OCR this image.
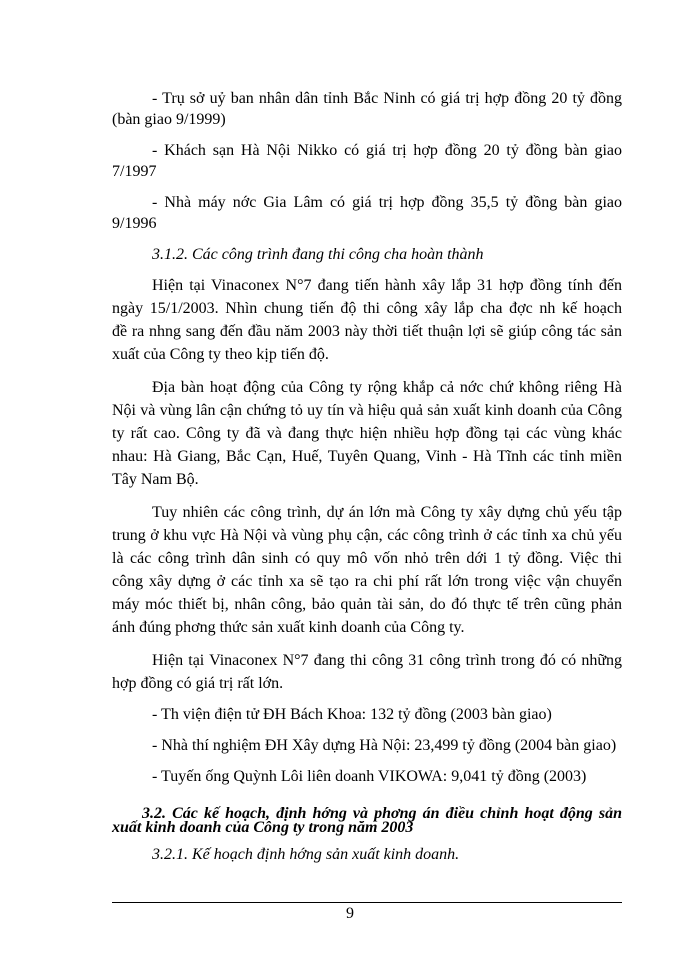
- Trụ sở uỷ ban nhân dân tỉnh Bắc Ninh có giá trị hợp đồng 20 tỷ đồng
(bàn giao 9/1999)
- Khách sạn Hà Nội Nikko có giá trị hợp đồng 20 tỷ đồng bàn giao
7/1997
- Nhà máy nớc Gia Lâm có giá trị hợp đồng 35,5 tỷ đồng bàn giao
9/1996
3.1.2. Các công trình đang thi công cha hoàn thành
Hiện tại Vinaconex N°7 đang tiến hành xây lắp 31 hợp đồng tính đến
ngày 15/1/2003. Nhìn chung tiến độ thi công xây lắp cha đợc nh kế hoạch
đề ra nhng sang đến đầu năm 2003 này thời tiết thuận lợi sẽ giúp công tác sản
xuất của Công ty theo kịp tiến độ.
Địa bàn hoạt động của Công ty rộng khắp cả nớc chứ không riêng Hà
Nội và vùng lân cận chứng tỏ uy tín và hiệu quả sản xuất kinh doanh của Công
ty rất cao. Công ty đã và đang thực hiện nhiều hợp đồng tại các vùng khác
nhau: Hà Giang, Bắc Cạn, Huế, Tuyên Quang, Vinh - Hà Tĩnh các tỉnh miền
Tây Nam Bộ.
Tuy nhiên các công trình, dự án lớn mà Công ty xây dựng chủ yếu tập
trung ở khu vực Hà Nội và vùng phụ cận, các công trình ở các tỉnh xa chủ yếu
là các công trình dân sinh có quy mô vốn nhỏ trên dới 1 tỷ đồng. Việc thi
công xây dựng ở các tỉnh xa sẽ tạo ra chi phí rất lớn trong việc vận chuyển
máy móc thiết bị, nhân công, bảo quản tài sản, do đó thực tế trên cũng phản
ánh đúng phơng thức sản xuất kinh doanh của Công ty.
Hiện tại Vinaconex N°7 đang thi công 31 công trình trong đó có những
hợp đồng có giá trị rất lớn.
- Th viện điện tử ĐH Bách Khoa: 132 tỷ đồng (2003 bàn giao)
- Nhà thí nghiệm ĐH Xây dựng Hà Nội: 23,499 tỷ đồng (2004 bàn giao)
- Tuyến ống Quỳnh Lôi liên doanh VIKOWA: 9,041 tỷ đồng (2003)
3.2. Các kế hoạch, định hớng và phơng án điều chỉnh hoạt động sản
xuất kinh doanh của Công ty trong năm 2003
3.2.1. Kế hoạch định hớng sản xuất kinh doanh.
9
